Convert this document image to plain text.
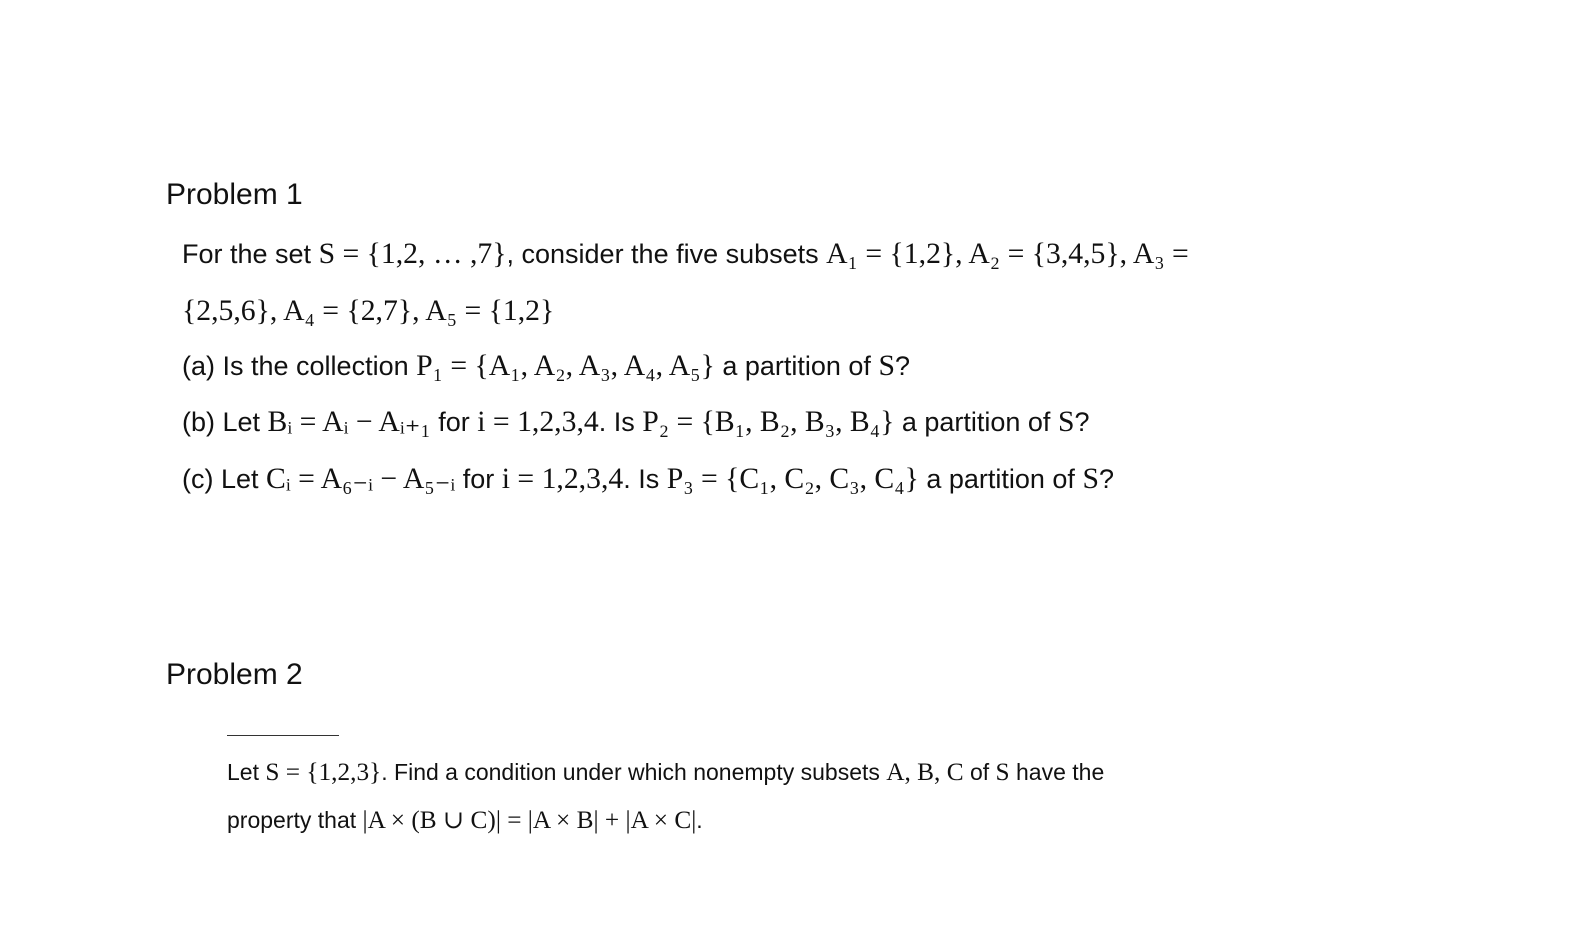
Problem 1
For the set S = {1,2, … ,7}, consider the five subsets A₁ = {1,2}, A₂ = {3,4,5}, A₃ =
{2,5,6}, A₄ = {2,7}, A₅ = {1,2}
(a) Is the collection P₁ = {A₁, A₂, A₃, A₄, A₅} a partition of S?
(b) Let Bᵢ = Aᵢ − Aᵢ₊₁ for i = 1,2,3,4. Is P₂ = {B₁, B₂, B₃, B₄} a partition of S?
(c) Let Cᵢ = A₆₋ᵢ − A₅₋ᵢ for i = 1,2,3,4. Is P₃ = {C₁, C₂, C₃, C₄} a partition of S?
Problem 2
Let S = {1,2,3}. Find a condition under which nonempty subsets A, B, C of S have the
property that |A × (B ∪ C)| = |A × B| + |A × C|.
